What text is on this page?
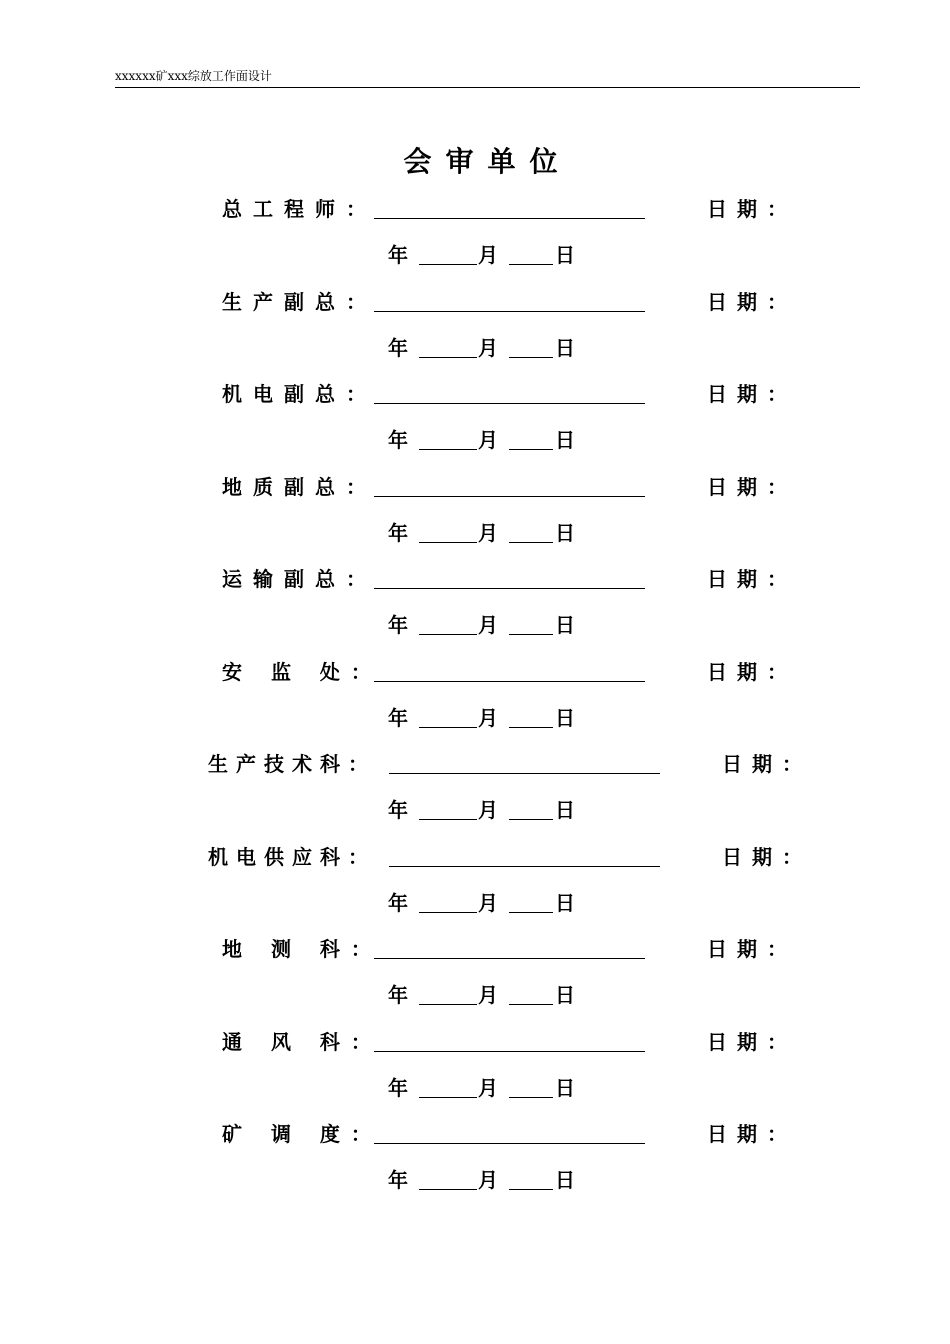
xxxxxx矿xxx综放工作面设计
会审单位
总工程师：	日期：
年	月	日
生产副总：	日期：
年	月	日
机电副总：	日期：
年	月	日
地质副总：	日期：
年	月	日
运输副总：	日期：
年	月	日
安 监 处：	日期：
年	月	日
生产技术科：	日期：
年	月	日
机电供应科：	日期：
年	月	日
地 测 科：	日期：
年	月	日
通 风 科：	日期：
年	月	日
矿 调 度：	日期：
年	月	日
